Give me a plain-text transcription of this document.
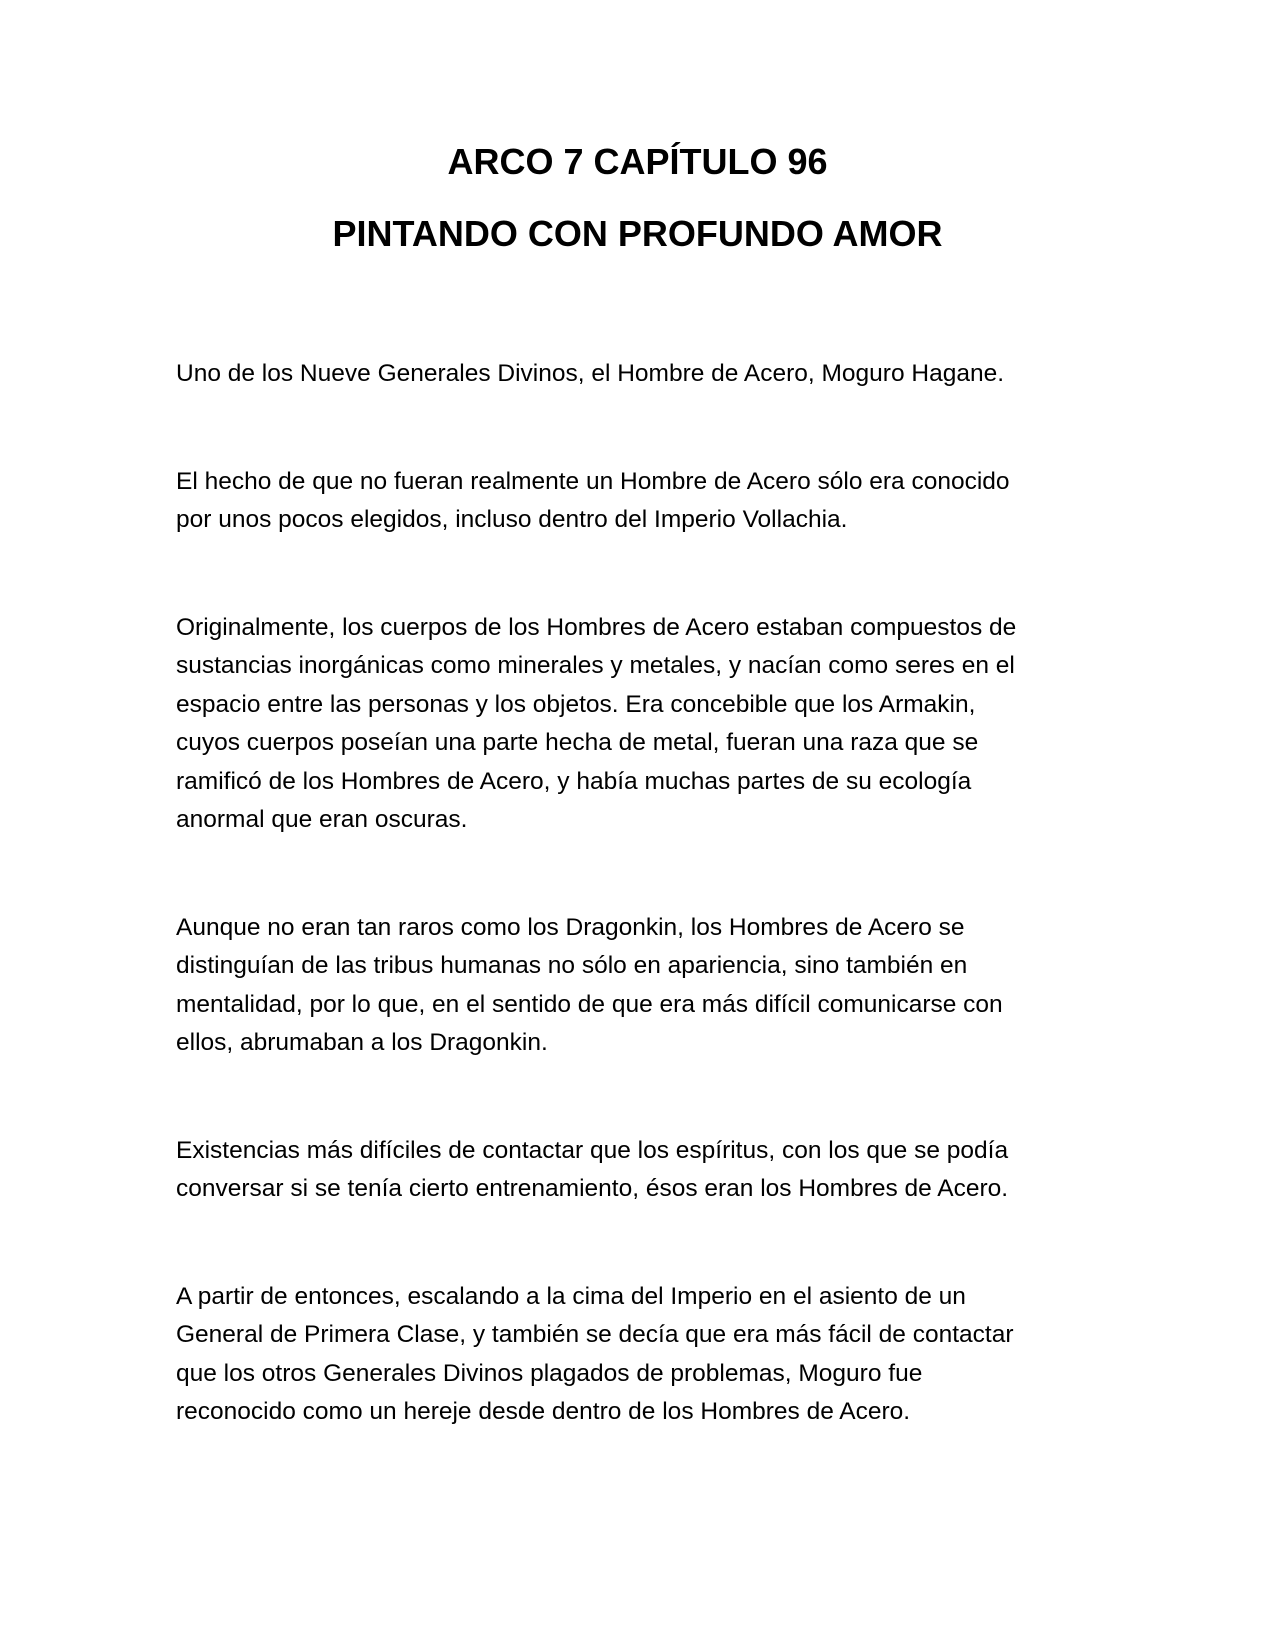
ARCO 7 CAPÍTULO 96
PINTANDO CON PROFUNDO AMOR

Uno de los Nueve Generales Divinos, el Hombre de Acero, Moguro Hagane.

El hecho de que no fueran realmente un Hombre de Acero sólo era conocido
por unos pocos elegidos, incluso dentro del Imperio Vollachia.

Originalmente, los cuerpos de los Hombres de Acero estaban compuestos de
sustancias inorgánicas como minerales y metales, y nacían como seres en el
espacio entre las personas y los objetos. Era concebible que los Armakin,
cuyos cuerpos poseían una parte hecha de metal, fueran una raza que se
ramificó de los Hombres de Acero, y había muchas partes de su ecología
anormal que eran oscuras.

Aunque no eran tan raros como los Dragonkin, los Hombres de Acero se
distinguían de las tribus humanas no sólo en apariencia, sino también en
mentalidad, por lo que, en el sentido de que era más difícil comunicarse con
ellos, abrumaban a los Dragonkin.

Existencias más difíciles de contactar que los espíritus, con los que se podía
conversar si se tenía cierto entrenamiento, ésos eran los Hombres de Acero.

A partir de entonces, escalando a la cima del Imperio en el asiento de un
General de Primera Clase, y también se decía que era más fácil de contactar
que los otros Generales Divinos plagados de problemas, Moguro fue
reconocido como un hereje desde dentro de los Hombres de Acero.
